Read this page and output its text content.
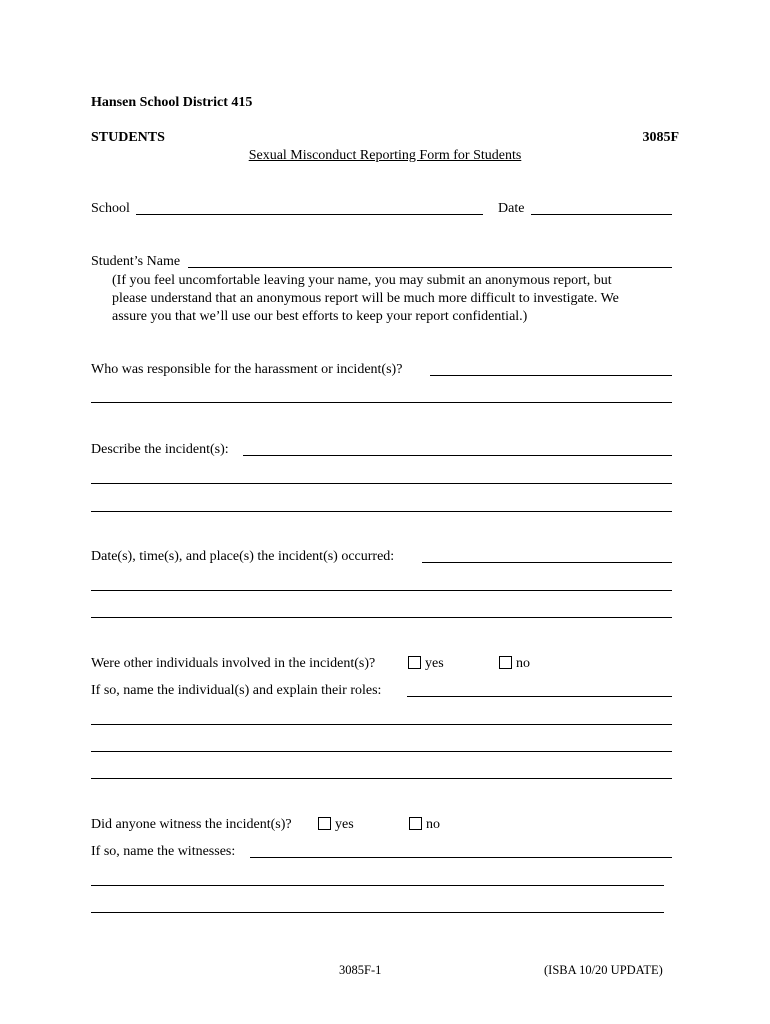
Hansen School District 415
STUDENTS	3085F
Sexual Misconduct Reporting Form for Students
School	Date
Student’s Name
(If you feel uncomfortable leaving your name, you may submit an anonymous report, but
please understand that an anonymous report will be much more difficult to investigate. We
assure you that we’ll use our best efforts to keep your report confidential.)
Who was responsible for the harassment or incident(s)?
Describe the incident(s):
Date(s), time(s), and place(s) the incident(s) occurred:
Were other individuals involved in the incident(s)?	yes	no
If so, name the individual(s) and explain their roles:
Did anyone witness the incident(s)?	yes	no
If so, name the witnesses:
3085F-1	(ISBA 10/20 UPDATE)
